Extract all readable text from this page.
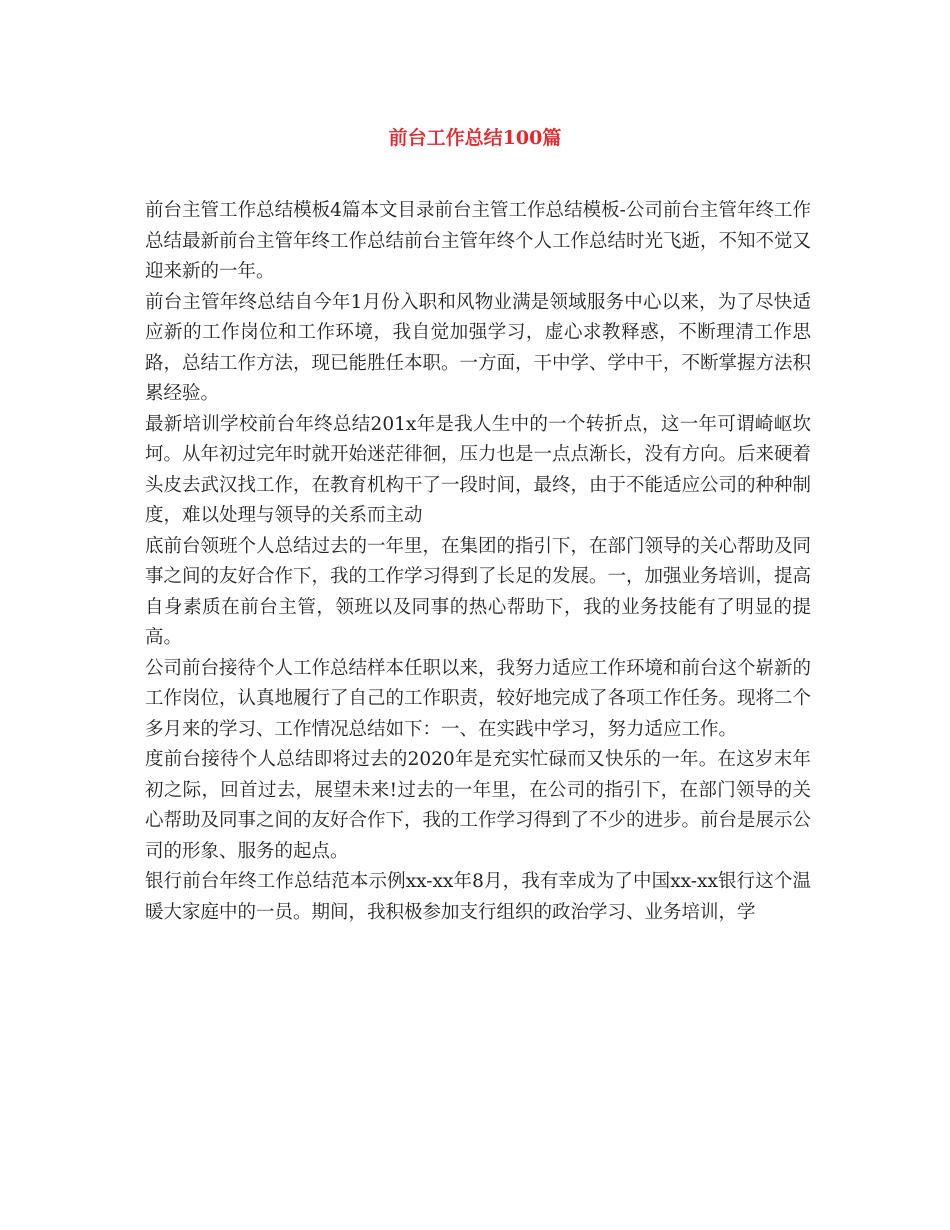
前台工作总结100篇

前台主管工作总结模板4篇本文目录前台主管工作总结模板-公司前台主管年终工作总结最新前台主管年终工作总结前台主管年终个人工作总结时光飞逝，不知不觉又迎来新的一年。

前台主管年终总结自今年1月份入职和风物业满是领域服务中心以来，为了尽快适应新的工作岗位和工作环境，我自觉加强学习，虚心求教释惑，不断理清工作思路，总结工作方法，现已能胜任本职。一方面，干中学、学中干，不断掌握方法积累经验。

最新培训学校前台年终总结201x年是我人生中的一个转折点，这一年可谓崎岖坎坷。从年初过完年时就开始迷茫徘徊，压力也是一点点渐长，没有方向。后来硬着头皮去武汉找工作，在教育机构干了一段时间，最终，由于不能适应公司的种种制度，难以处理与领导的关系而主动

底前台领班个人总结过去的一年里，在集团的指引下，在部门领导的关心帮助及同事之间的友好合作下，我的工作学习得到了长足的发展。一，加强业务培训，提高自身素质在前台主管，领班以及同事的热心帮助下，我的业务技能有了明显的提高。

公司前台接待个人工作总结样本任职以来，我努力适应工作环境和前台这个崭新的工作岗位，认真地履行了自己的工作职责，较好地完成了各项工作任务。现将二个多月来的学习、工作情况总结如下：一、在实践中学习，努力适应工作。

度前台接待个人总结即将过去的2020年是充实忙碌而又快乐的一年。在这岁末年初之际，回首过去，展望未来!过去的一年里，在公司的指引下，在部门领导的关心帮助及同事之间的友好合作下，我的工作学习得到了不少的进步。前台是展示公司的形象、服务的起点。

银行前台年终工作总结范本示例xx-xx年8月，我有幸成为了中国xx-xx银行这个温暖大家庭中的一员。期间，我积极参加支行组织的政治学习、业务培训，学
